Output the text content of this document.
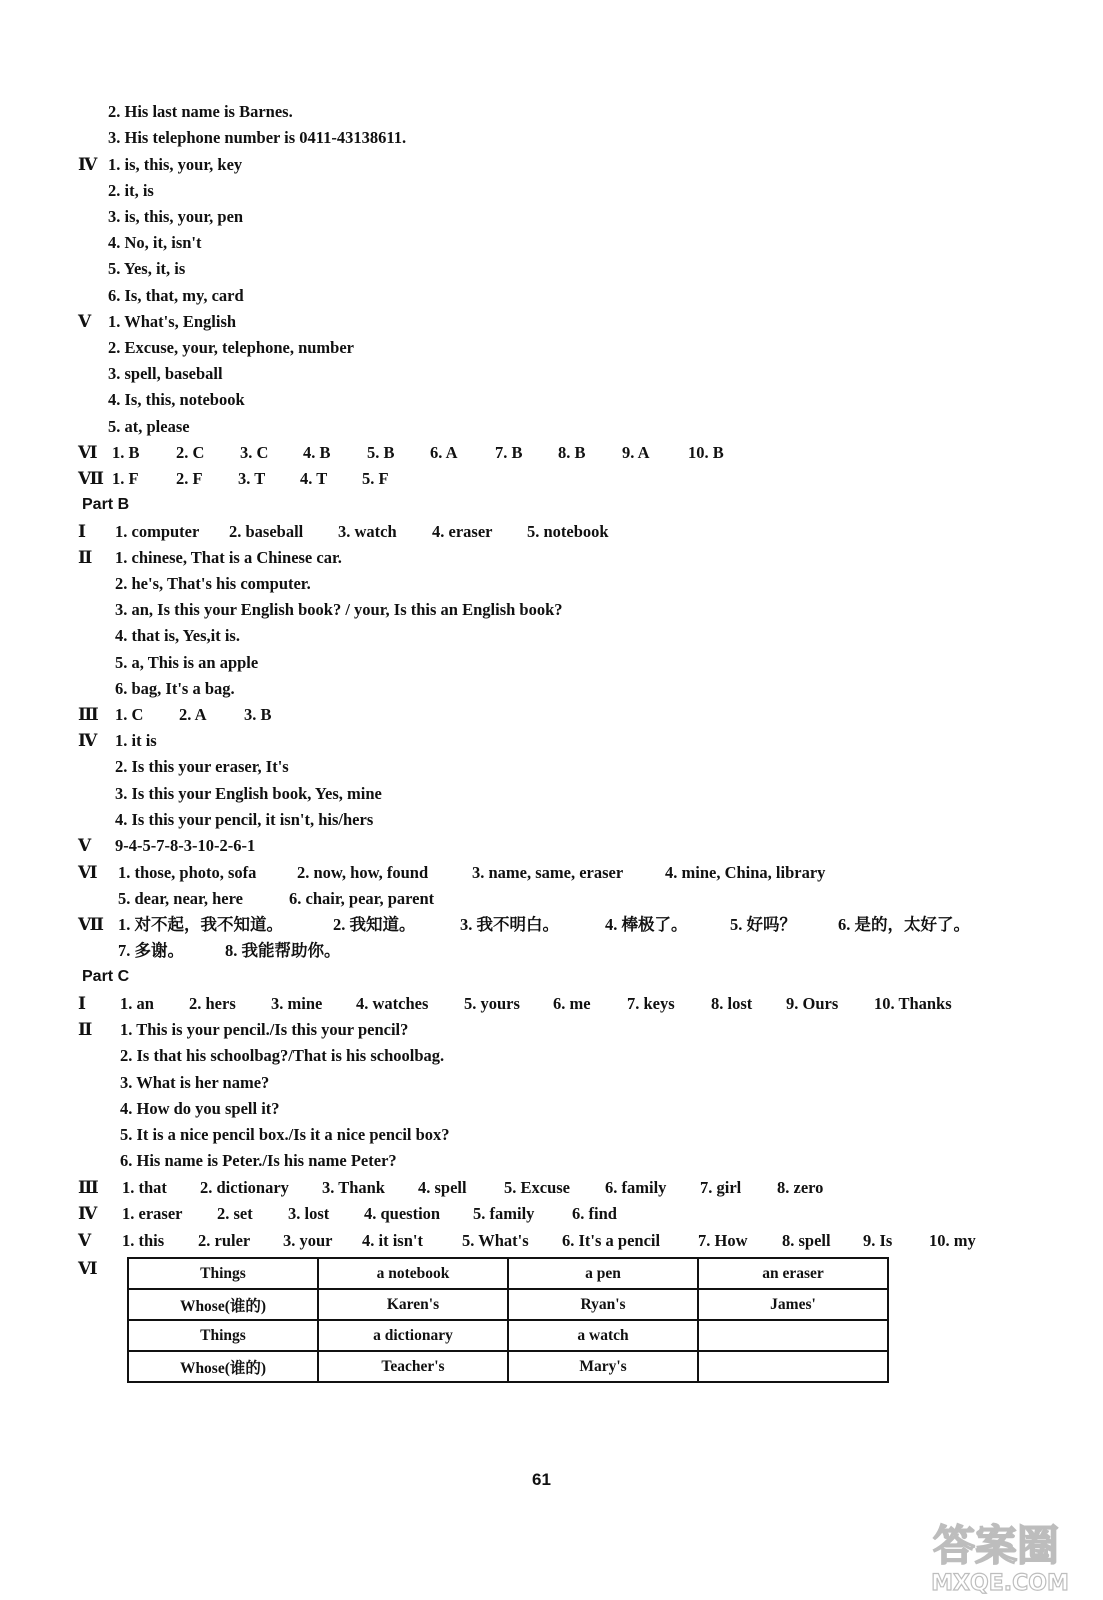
2. His last name is Barnes.
3. His telephone number is 0411-43138611.
Ⅳ 1. is, this, your, key
2. it, is
3. is, this, your, pen
4. No, it, isn't
5. Yes, it, is
6. Is, that, my, card
Ⅴ	1. What's, English
2. Excuse, your, telephone, number
3. spell, baseball
4. Is, this, notebook
5. at, please
Ⅵ 1. B 2. C 3. C 4. B 5. B 6. A 7. B 8. B 9. A 10. B
Ⅶ 1. F 2. F 3. T 4. T 5. F
Part B
Ⅰ	1. computer 2. baseball 3. watch 4. eraser 5. notebook
Ⅱ	1. chinese, That is a Chinese car.
2. he's, That's his computer.
3. an, Is this your English book? / your, Is this an English book?
4. that is, Yes,it is.
5. a, This is an apple
6. bag, It's a bag.
Ⅲ 1. C 2. A 3. B
Ⅳ	1. it is
2. Is this your eraser, It's
3. Is this your English book, Yes, mine
4. Is this your pencil, it isn't, his/hers
Ⅴ	9-4-5-7-8-3-10-2-6-1
Ⅵ	1. those, photo, sofa 2. now, how, found	3. name, same, eraser	4. mine, China, library
5. dear, near, here	6. chair, pear, parent
Ⅶ 1. 对不起，我不知道。	2. 我知道。	3. 我不明白。	4. 棒极了。	5. 好吗？	6. 是的，太好了。
7. 多谢。 8. 我能帮助你。
Part C
Ⅰ	1. an 2. hers 3. mine 4. watches 5. yours 6. me 7. keys 8. lost 9. Ours 10. Thanks
Ⅱ	1. This is your pencil./Is this your pencil?
2. Is that his schoolbag?/That is his schoolbag.
3. What is her name?
4. How do you spell it?
5. It is a nice pencil box./Is it a nice pencil box?
6. His name is Peter./Is his name Peter?
Ⅲ	1. that 2. dictionary 3. Thank 4. spell 5. Excuse 6. family 7. girl 8. zero
Ⅳ	1. eraser 2. set 3. lost 4. question 5. family 6. find
Ⅴ	1. this 2. ruler 3. your 4. it isn't 5. What's 6. It's a pencil 7. How 8. spell 9. Is 10. my
Ⅵ	Things	a notebook	a pen	an eraser
Whose(谁的)	Karen's	Ryan's	James'
Things	a dictionary	a watch	
Whose(谁的)	Teacher's	Mary's	
61
答案圈
MXQE.COM
